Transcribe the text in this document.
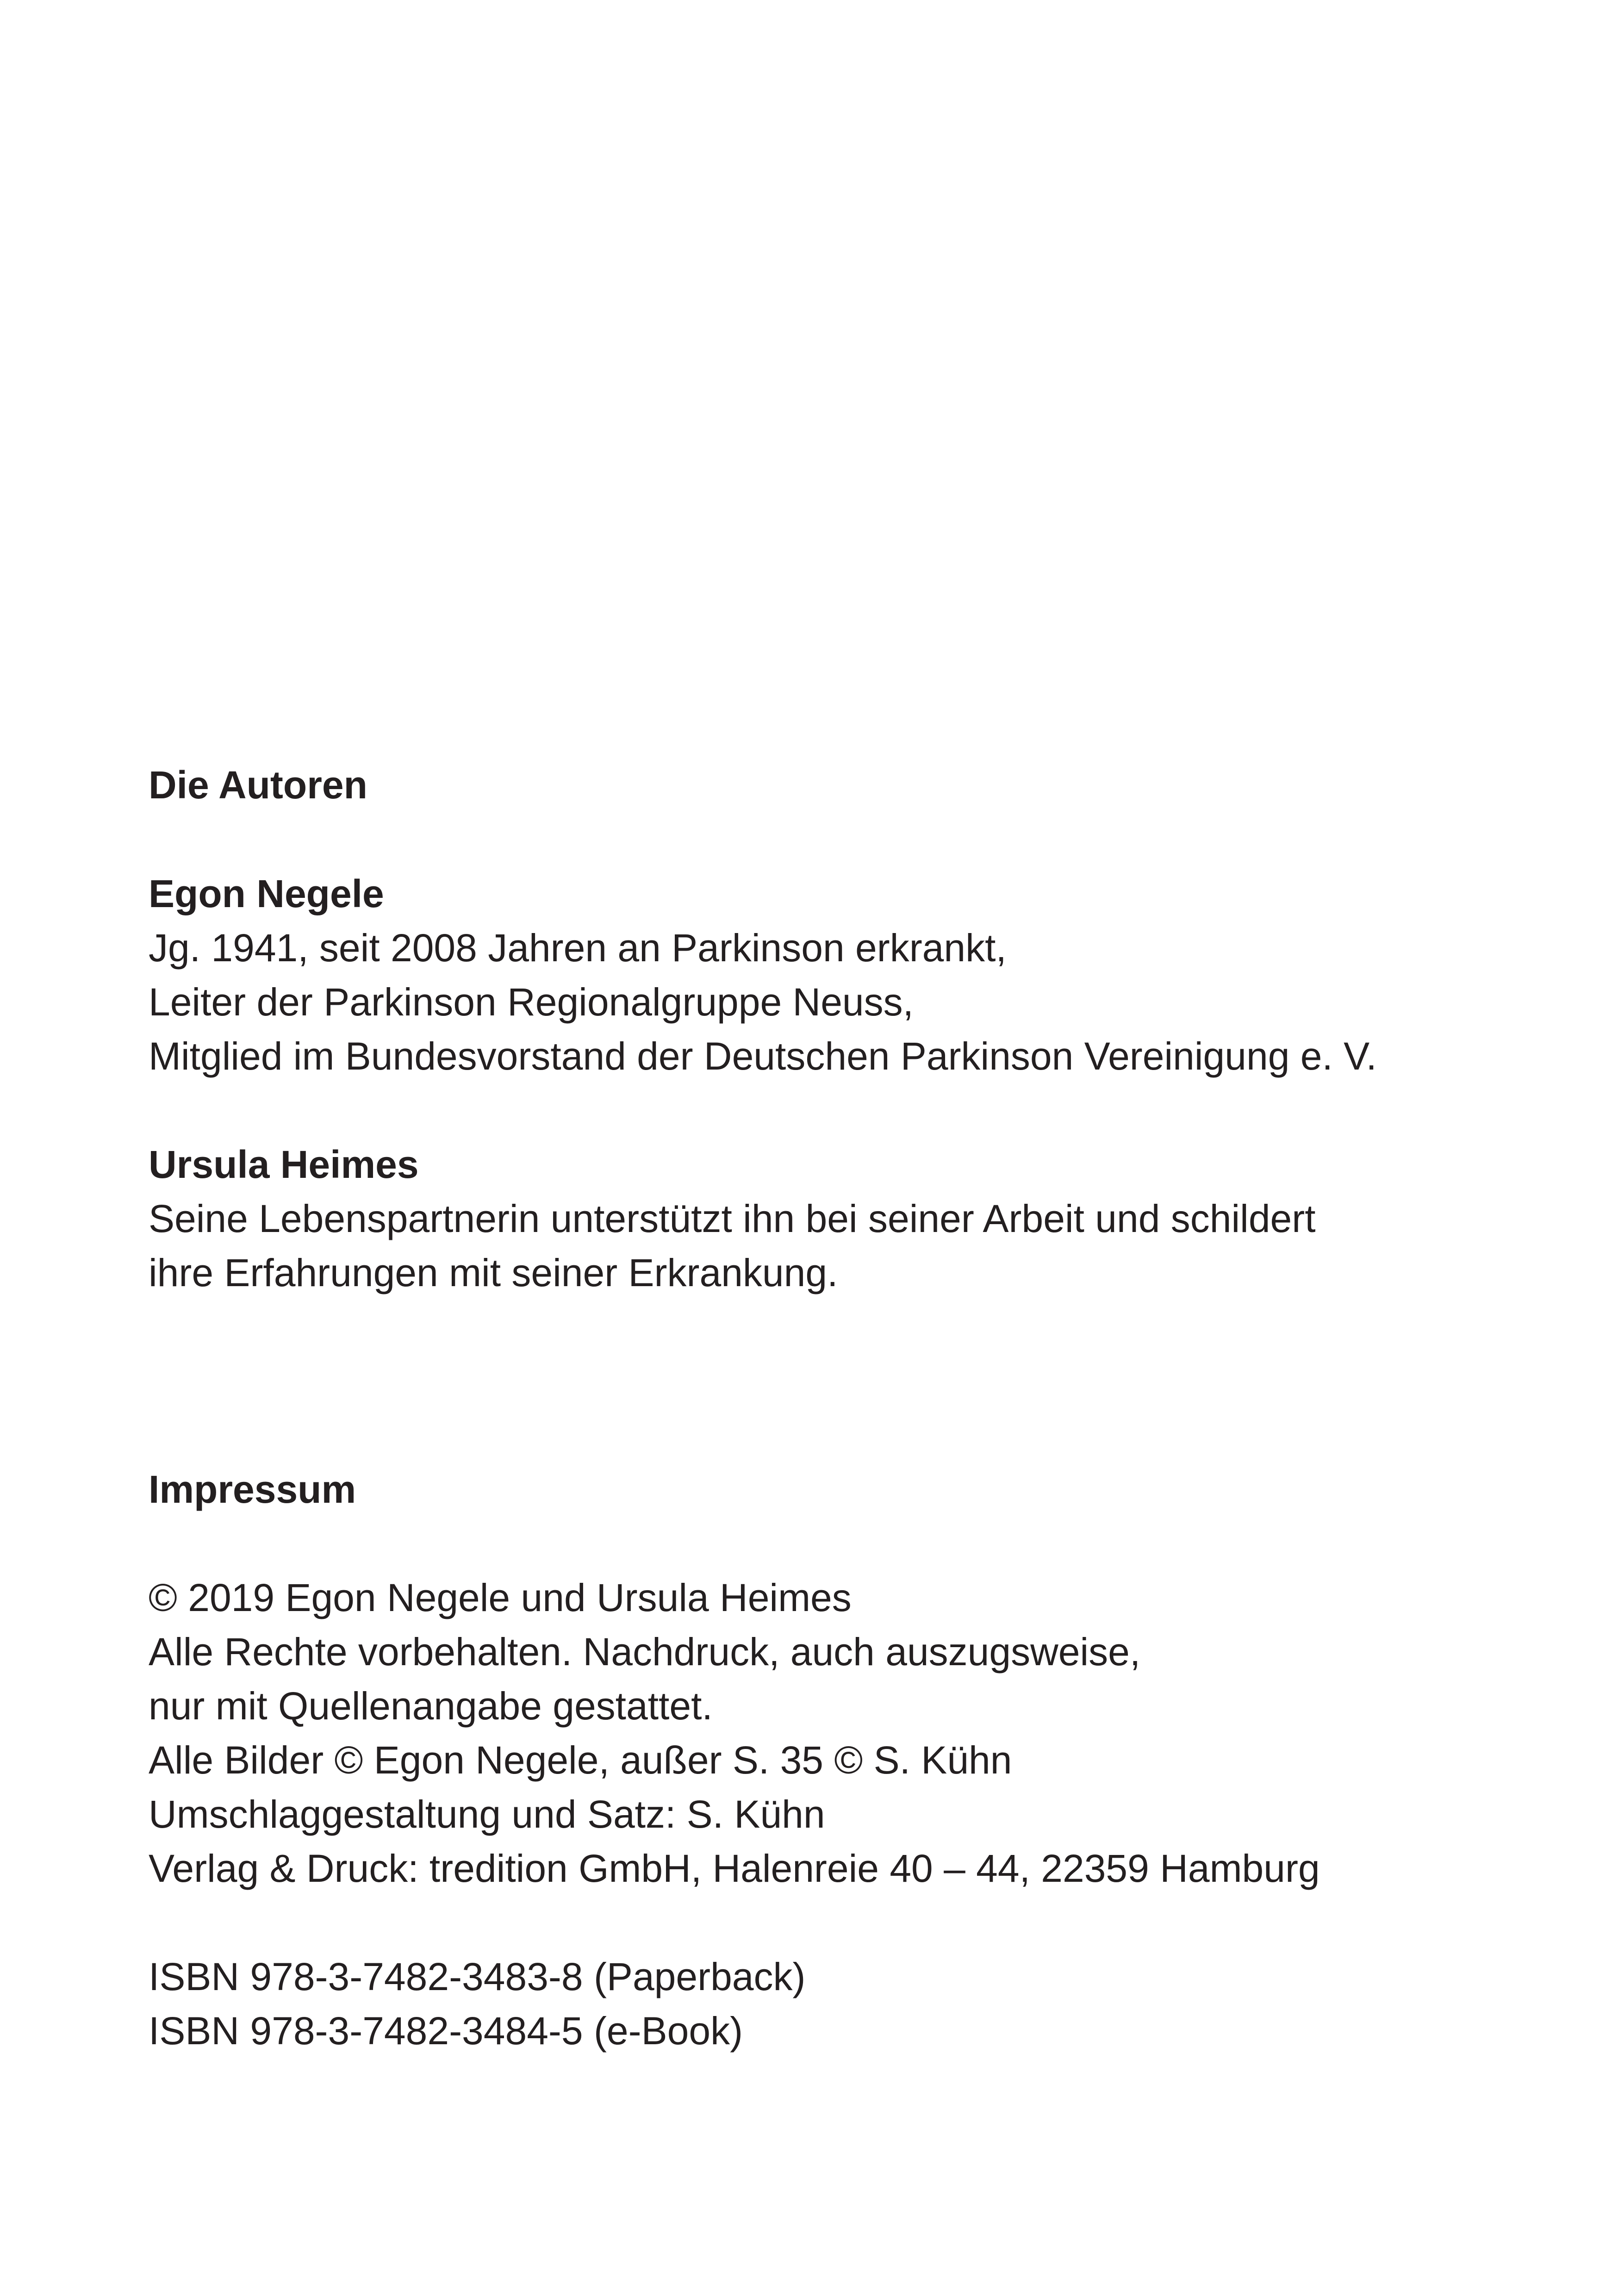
Die Autoren
Egon Negele
Jg. 1941, seit 2008 Jahren an Parkinson erkrankt,
Leiter der Parkinson Regionalgruppe Neuss,
Mitglied im Bundesvorstand der Deutschen Parkinson Vereinigung e. V.
Ursula Heimes
Seine Lebenspartnerin unterstützt ihn bei seiner Arbeit und schildert
ihre Erfahrungen mit seiner Erkrankung.
Impressum
© 2019 Egon Negele und Ursula Heimes
Alle Rechte vorbehalten. Nachdruck, auch auszugsweise,
nur mit Quellenangabe gestattet.
Alle Bilder © Egon Negele, außer S. 35 © S. Kühn
Umschlaggestaltung und Satz: S. Kühn
Verlag & Druck: tredition GmbH, Halenreie 40 – 44, 22359 Hamburg
ISBN 978-3-7482-3483-8 (Paperback)
ISBN 978-3-7482-3484-5 (e-Book)
